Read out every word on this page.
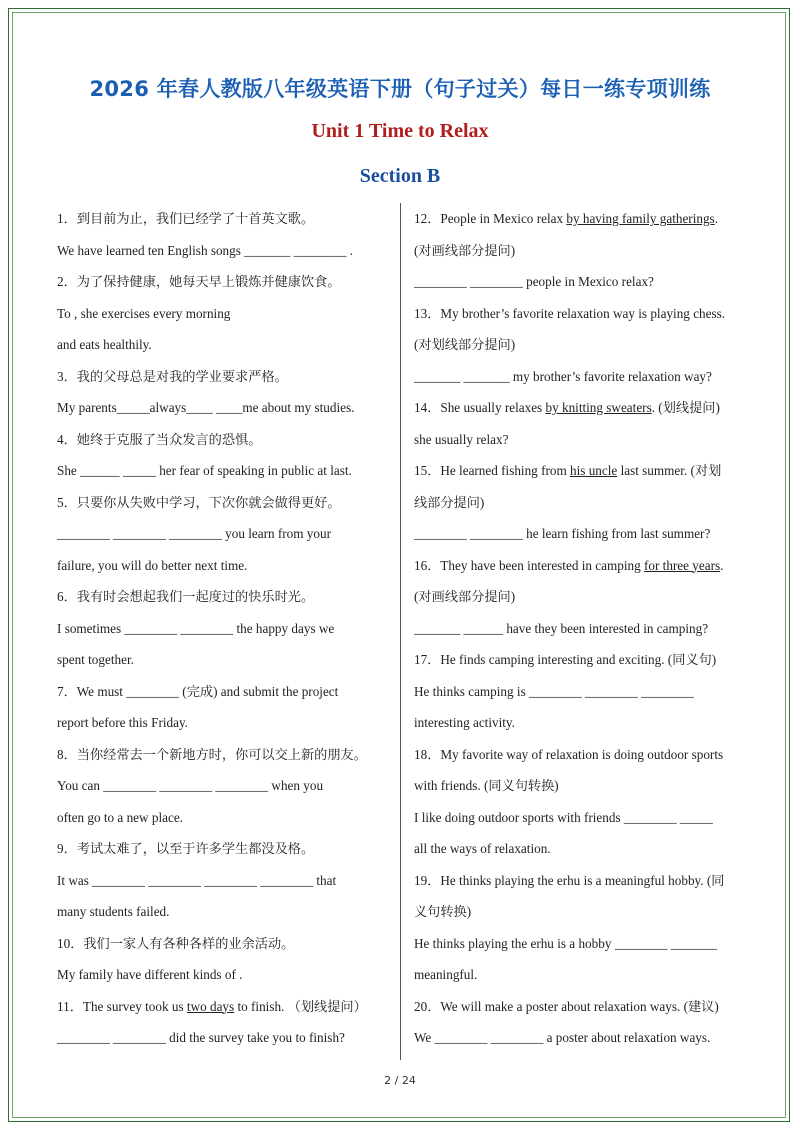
2026 年春人教版八年级英语下册（句子过关）每日一练专项训练
Unit 1 Time to Relax
Section B
1．到目前为止，我们已经学了十首英文歌。
We have learned ten English songs _______ ________ .
2．为了保持健康，她每天早上锻炼并健康饮食。
To , she exercises every morning
and eats healthily.
3．我的父母总是对我的学业要求严格。
My parents_____always____ ____me about my studies.
4．她终于克服了当众发言的恐惧。
She ______ _____ her fear of speaking in public at last.
5．只要你从失败中学习，下次你就会做得更好。
________ ________ ________ you learn from your
failure, you will do better next time.
6．我有时会想起我们一起度过的快乐时光。
I sometimes ________ ________ the happy days we
spent together.
7．We must ________ (完成) and submit the project
report before this Friday.
8．当你经常去一个新地方时，你可以交上新的朋友。
You can ________ ________ ________ when you
often go to a new place.
9．考试太难了，以至于许多学生都没及格。
It was ________ ________ ________ ________ that
many students failed.
10．我们一家人有各种各样的业余活动。
My family have different kinds of .
11．The survey took us two days to finish. （划线提问）
________ ________ did the survey take you to finish?
12．People in Mexico relax by having family gatherings.
(对画线部分提问)
________ ________ people in Mexico relax?
13．My brother’s favorite relaxation way is playing chess.
(对划线部分提问)
_______ _______ my brother’s favorite relaxation way?
14．She usually relaxes by knitting sweaters. (划线提问)
she usually relax?
15．He learned fishing from his uncle last summer. (对划
线部分提问)
________ ________ he learn fishing from last summer?
16．They have been interested in camping for three years.
(对画线部分提问)
_______ ______ have they been interested in camping?
17．He finds camping interesting and exciting. (同义句)
He thinks camping is ________ ________ ________
interesting activity.
18．My favorite way of relaxation is doing outdoor sports
with friends. (同义句转换)
I like doing outdoor sports with friends ________ _____
all the ways of relaxation.
19．He thinks playing the erhu is a meaningful hobby. (同
义句转换)
He thinks playing the erhu is a hobby ________ _______
meaningful.
20．We will make a poster about relaxation ways. (建议)
We ________ ________ a poster about relaxation ways.
2 / 24
